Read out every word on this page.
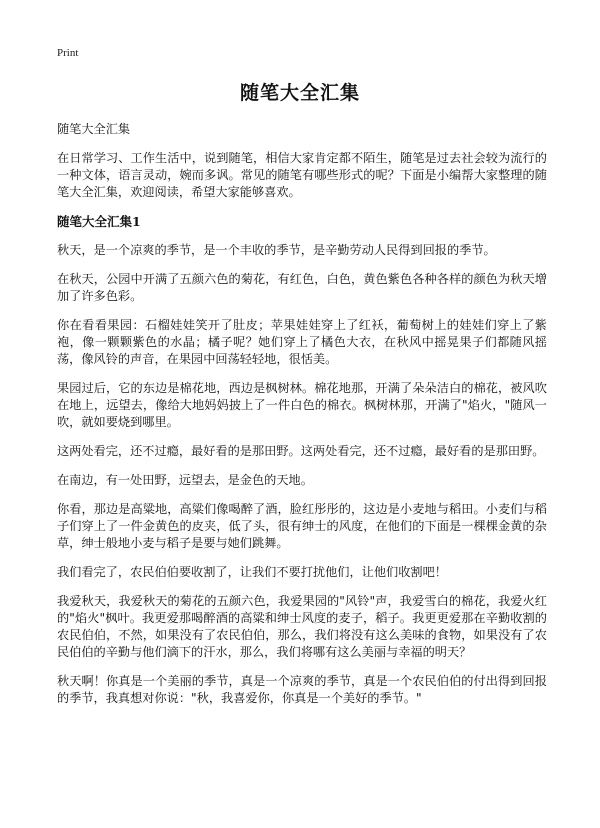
Print
随笔大全汇集

随笔大全汇集

在日常学习、工作生活中，说到随笔，相信大家肯定都不陌生，随笔是过去社会较为流行的一种文体，语言灵动，婉而多讽。常见的随笔有哪些形式的呢？下面是小编帮大家整理的随笔大全汇集，欢迎阅读，希望大家能够喜欢。

随笔大全汇集1

秋天，是一个凉爽的季节，是一个丰收的季节，是辛勤劳动人民得到回报的季节。

在秋天，公园中开满了五颜六色的菊花，有红色，白色，黄色紫色各种各样的颜色为秋天增加了许多色彩。

你在看看果园：石榴娃娃笑开了肚皮；苹果娃娃穿上了红袄，葡萄树上的娃娃们穿上了紫袍，像一颗颗紫色的水晶；橘子呢？她们穿上了橘色大衣，在秋风中摇晃果子们都随风摇荡，像风铃的声音，在果园中回荡轻轻地，很恬美。

果园过后，它的东边是棉花地，西边是枫树林。棉花地那，开满了朵朵洁白的棉花，被风吹在地上，远望去，像给大地妈妈披上了一件白色的棉衣。枫树林那，开满了"焰火，"随风一吹，就如要烧到哪里。

这两处看完，还不过瘾，最好看的是那田野。这两处看完，还不过瘾，最好看的是那田野。

在南边，有一处田野，远望去，是金色的天地。

你看，那边是高粱地，高粱们像喝醉了酒，脸红彤彤的，这边是小麦地与稻田。小麦们与稻子们穿上了一件金黄色的皮夹，低了头，很有绅士的风度，在他们的下面是一棵棵金黄的杂草，绅士般地小麦与稻子是要与她们跳舞。

我们看完了，农民伯伯要收割了，让我们不要打扰他们，让他们收割吧！

我爱秋天，我爱秋天的菊花的五颜六色，我爱果园的"风铃"声，我爱雪白的棉花，我爱火红的"焰火"枫叶。我更爱那喝醉酒的高粱和绅士风度的麦子，稻子。我更更爱那在辛勤收割的农民伯伯，不然，如果没有了农民伯伯，那么，我们将没有这么美味的食物，如果没有了农民伯伯的辛勤与他们滴下的汗水，那么，我们将哪有这么美丽与幸福的明天？

秋天啊！你真是一个美丽的季节，真是一个凉爽的季节，真是一个农民伯伯的付出得到回报的季节，我真想对你说："秋，我喜爱你，你真是一个美好的季节。"
